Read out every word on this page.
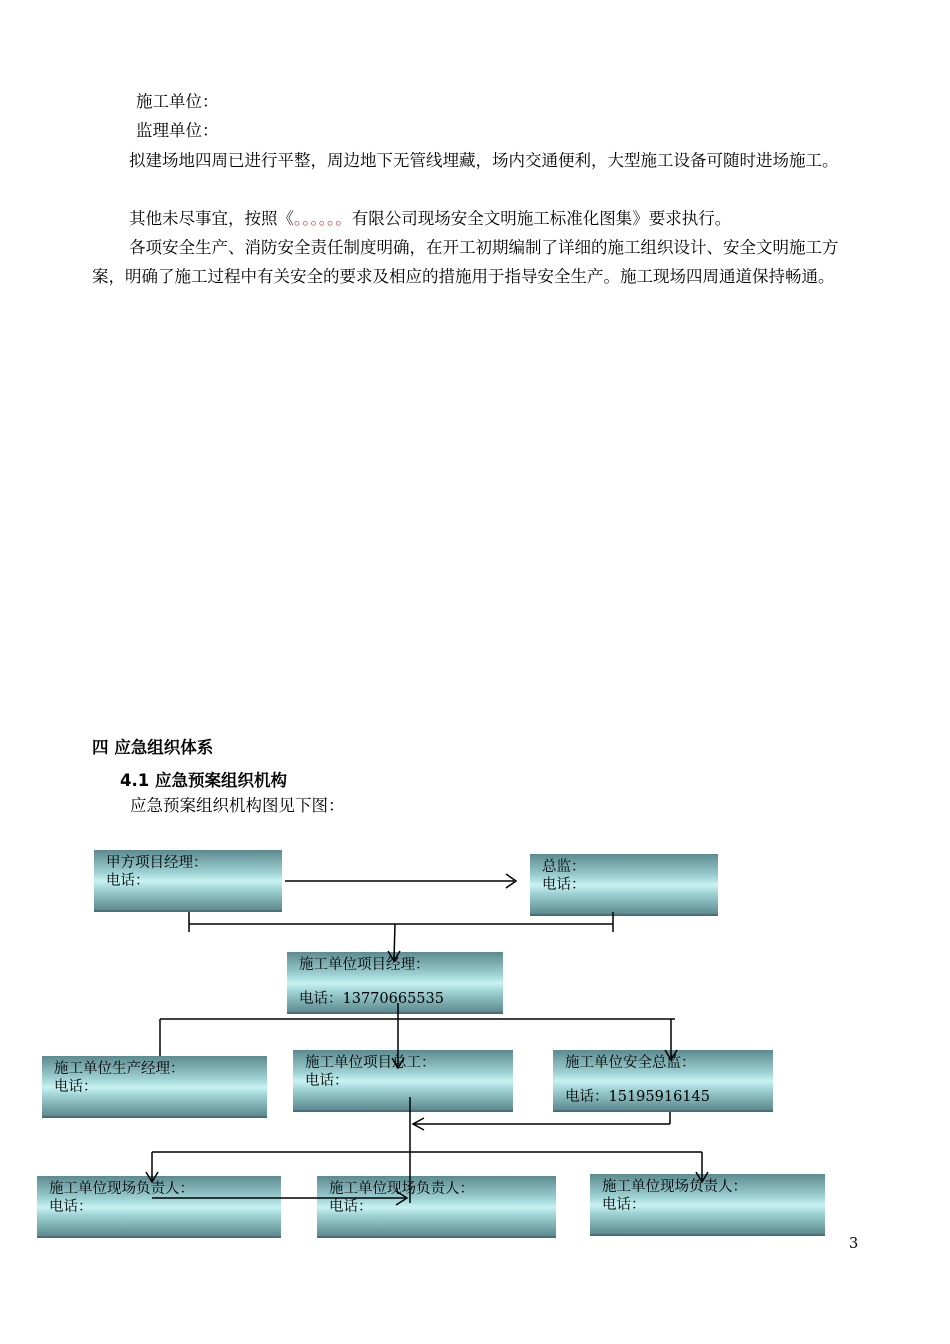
施工单位：
监理单位：
拟建场地四周已进行平整，周边地下无管线埋藏，场内交通便利，大型施工设备可随时进场施工。
其他未尽事宜，按照《。。。。。。有限公司现场安全文明施工标准化图集》要求执行。
各项安全生产、消防安全责任制度明确，在开工初期编制了详细的施工组织设计、安全文明施工方案，明确了施工过程中有关安全的要求及相应的措施用于指导安全生产。施工现场四周通道保持畅通。
四 应急组织体系
4.1 应急预案组织机构
应急预案组织机构图见下图：
甲方项目经理：
电话：
总监：
电话：
施工单位项目经理：
电话：13770665535
施工单位生产经理：
电话：
施工单位项目总工：
电话：
施工单位安全总监：
电话：15195916145
施工单位现场负责人：
电话：
施工单位现场负责人：
电话：
施工单位现场负责人：
电话：
3
